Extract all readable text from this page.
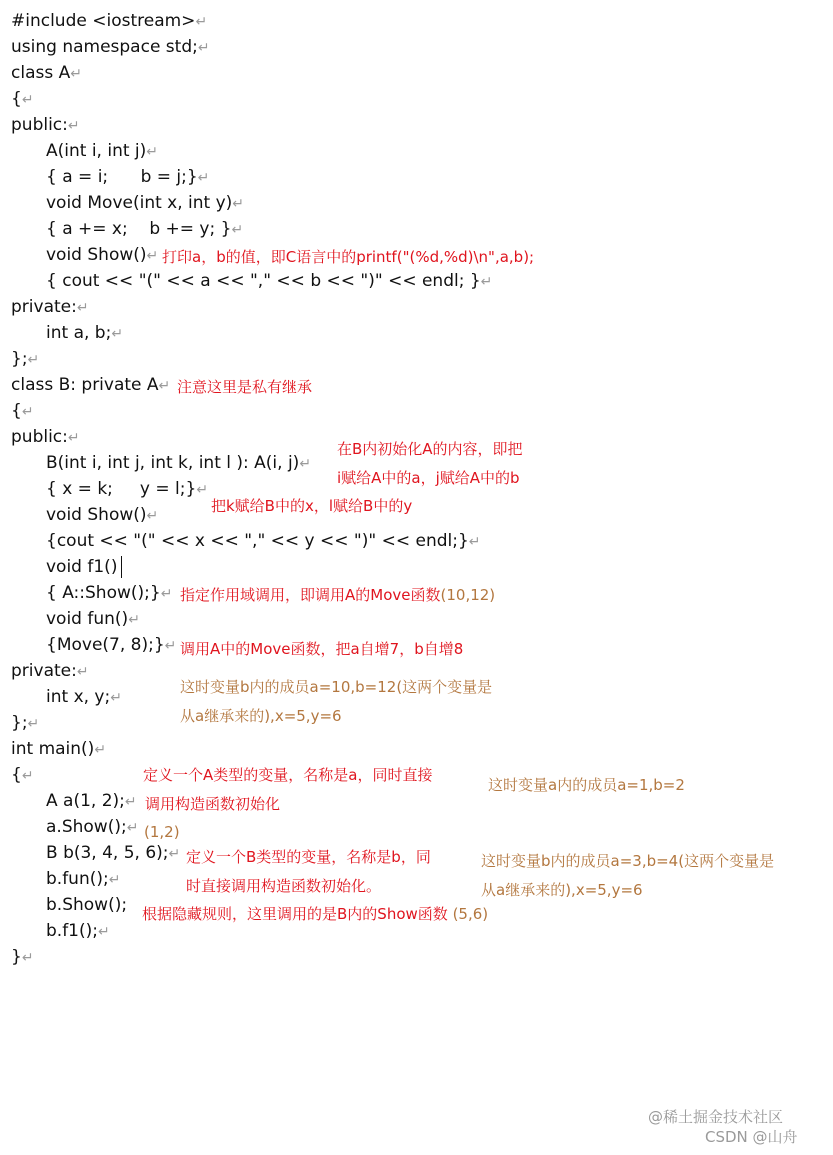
#include <iostream>↵
using namespace std;↵
class A↵
{↵
public:↵
A(int i, int j)↵
{ a = i;      b = j;}↵
void Move(int x, int y)↵
{ a += x;    b += y; }↵
void Show()↵
{ cout << "(" << a << "," << b << ")" << endl; }↵
private:↵
int a, b;↵
};↵
class B: private A↵
{↵
public:↵
B(int i, int j, int k, int l ): A(i, j)↵
{ x = k;     y = l;}↵
void Show()↵
{cout << "(" << x << "," << y << ")" << endl;}↵
void f1()
{ A::Show();}↵
void fun()↵
{Move(7, 8);}↵
private:↵
int x, y;↵
};↵
int main()↵
{↵
A a(1, 2);↵
a.Show();↵
B b(3, 4, 5, 6);↵
b.fun();↵
b.Show();
b.f1();↵
}↵
打印a，b的值，即C语言中的printf("(%d,%d)\n",a,b);
注意这里是私有继承
在B内初始化A的内容，即把
i赋给A中的a，j赋给A中的b
把k赋给B中的x，l赋给B中的y
指定作用域调用，即调用A的Move函数(10,12)
调用A中的Move函数，把a自增7，b自增8
这时变量b内的成员a=10,b=12(这两个变量是
从a继承来的),x=5,y=6
定义一个A类型的变量，名称是a，同时直接
调用构造函数初始化
这时变量a内的成员a=1,b=2
(1,2)
定义一个B类型的变量，名称是b，同
时直接调用构造函数初始化。
这时变量b内的成员a=3,b=4(这两个变量是
从a继承来的),x=5,y=6
根据隐藏规则，这里调用的是B内的Show函数 (5,6)
@稀土掘金技术社区
CSDN @山舟
